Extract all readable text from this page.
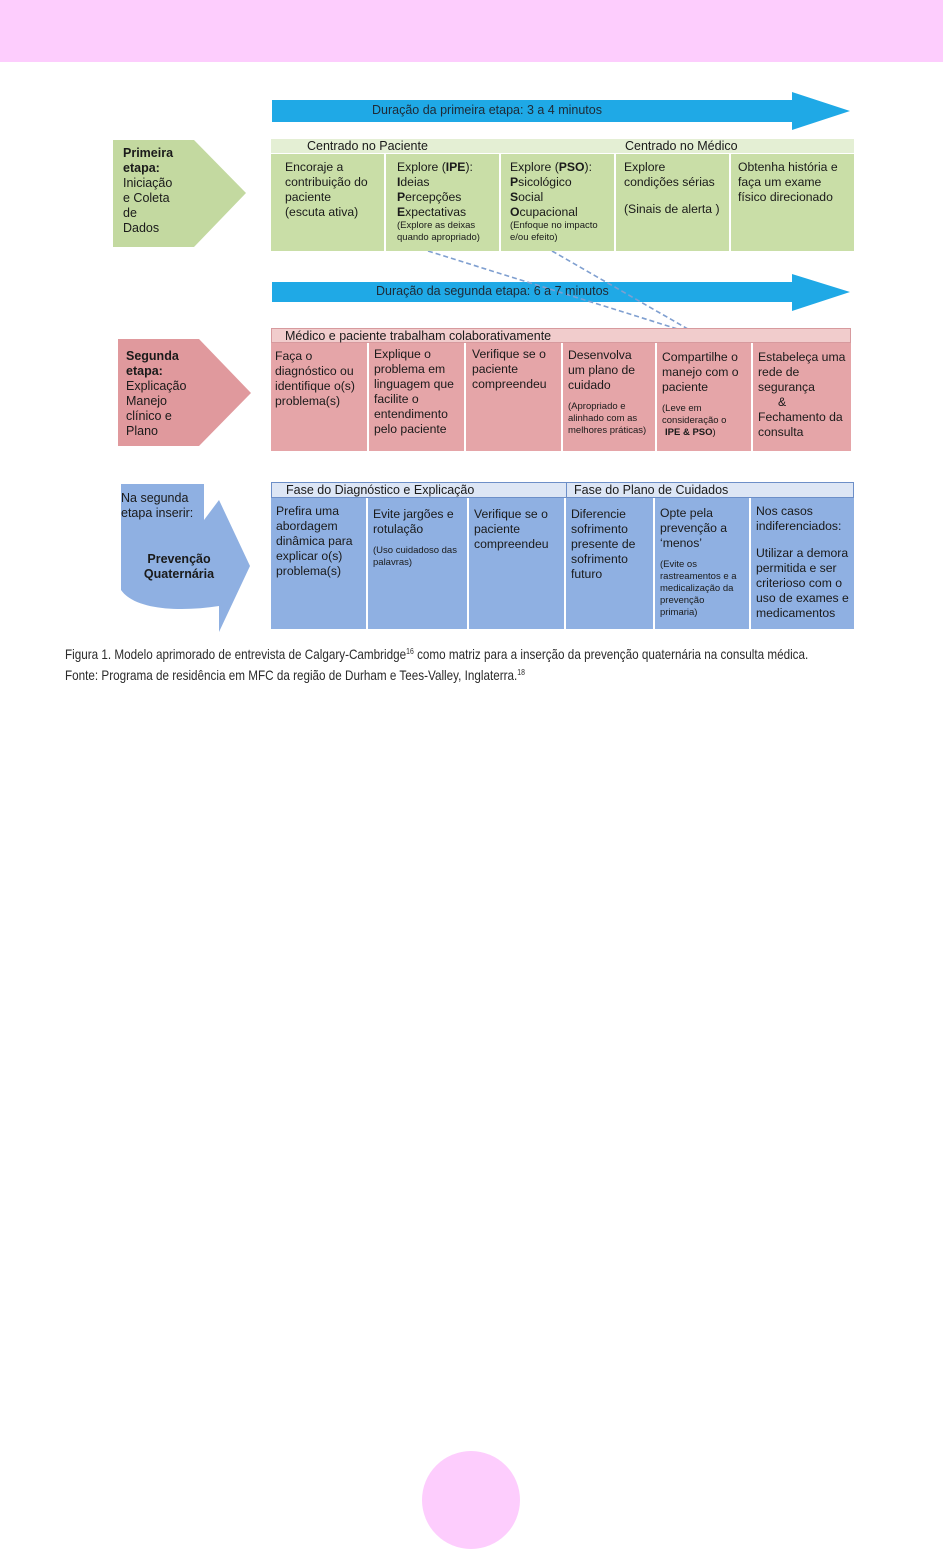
Duração da primeira etapa: 3 a 4 minutos
Duração da segunda etapa: 6 a 7 minutos
Primeira etapa:
Iniciação
e Coleta
de
Dados
Centrado no Paciente	Centrado no Médico
Encoraje a
contribuição do
paciente
(escuta ativa)
Explore (IPE):
Ideias
Percepções
Expectativas
(Explore as deixas
quando apropriado)
Explore (PSO):
Psicológico
Social
Ocupacional
(Enfoque no impacto
e/ou efeito)
Explore
condições sérias
(Sinais de alerta )
Obtenha história e
faça um exame
físico direcionado
Segunda etapa:
Explicação
Manejo
clínico e
Plano
Médico e paciente trabalham colaborativamente
Faça o
diagnóstico ou
identifique o(s)
problema(s)
Explique o
problema em
linguagem que
facilite o
entendimento
pelo paciente
Verifique se o
paciente
compreendeu
Desenvolva
um plano de
cuidado
(Apropriado e
alinhado com as
melhores práticas)
Compartilhe o
manejo com o
paciente
(Leve em
consideração o
IPE & PSO)
Estabeleça uma
rede de
segurança
&
Fechamento da
consulta
Na segunda
etapa inserir:
Prevenção
Quaternária
Fase do Diagnóstico e Explicação	Fase do Plano de Cuidados
Prefira uma
abordagem
dinâmica para
explicar o(s)
problema(s)
Evite jargões e
rotulação
(Uso cuidadoso das
palavras)
Verifique se o
paciente
compreendeu
Diferencie
sofrimento
presente de
sofrimento
futuro
Opte pela
prevenção a
‘menos’
(Evite os
rastreamentos e a
medicalização da
prevenção
primaria)
Nos casos
indiferenciados:
Utilizar a demora
permitida e ser
criterioso com o
uso de exames e
medicamentos
Figura 1. Modelo aprimorado de entrevista de Calgary-Cambridge$^{16}$ como matriz para a inserção da prevenção quaternária na consulta médica.
Fonte: Programa de residência em MFC da região de Durham e Tees-Valley, Inglaterra.$^{18}$
